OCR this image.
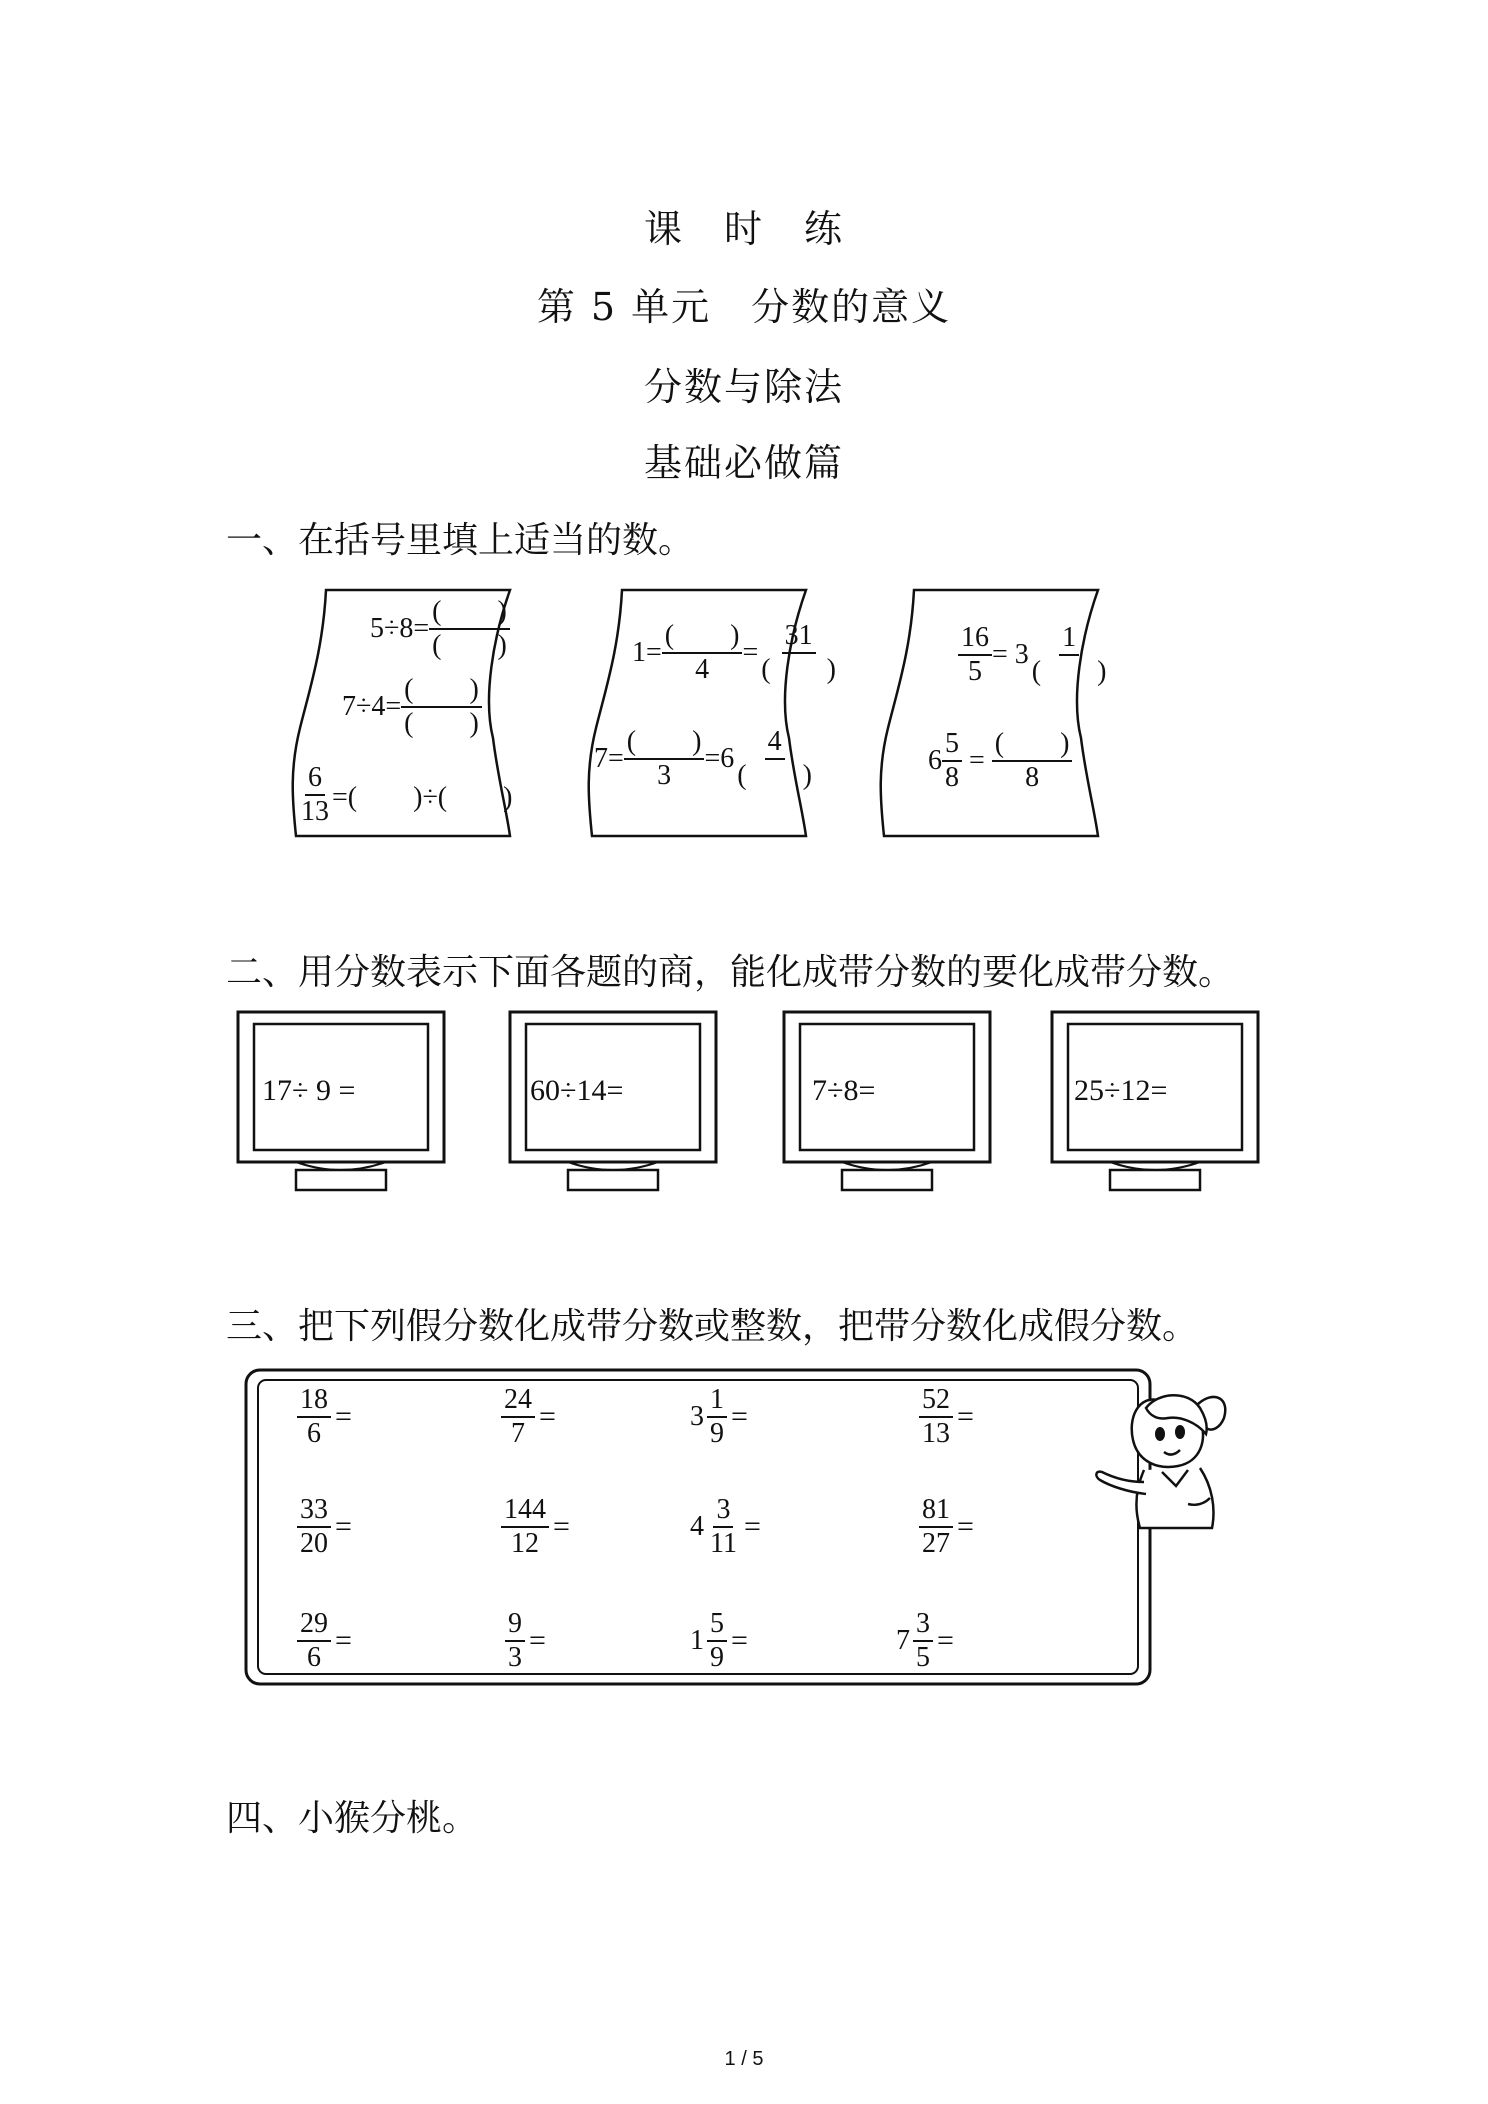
课　时　练
第 5 单元　分数的意义
分数与除法
基础必做篇
一、在括号里填上适当的数。
$5\div 8= \frac{( )}{( )}$
$7\div 4= \frac{( )}{( )}$
$\frac{6}{13}$ =(　　)÷(　　)
$1= \frac{( )}{4} = \frac{31}{( )}$
$7= \frac{( )}{3} =6 \frac{4}{( )}$
$\frac{16}{5} = 3 \frac{1}{( )}$
$6 \frac{5}{8} = \frac{( )}{8}$
二、用分数表示下面各题的商，能化成带分数的要化成带分数。
17÷ 9 =	60÷14=	7÷8=	25÷12=
三、把下列假分数化成带分数或整数，把带分数化成假分数。
$\frac{18}{6}$ =	$\frac{24}{7}$ =	$3 \frac{1}{9}$ =	$\frac{52}{13}$ =
$\frac{33}{20}$ =	$\frac{144}{12}$ =	$4 \frac{3}{11}$ =	$\frac{81}{27}$ =
$\frac{29}{6}$ =	$\frac{9}{3}$ =	$1 \frac{5}{9}$ =	$7 \frac{3}{5}$ =
四、小猴分桃。
1 / 5
